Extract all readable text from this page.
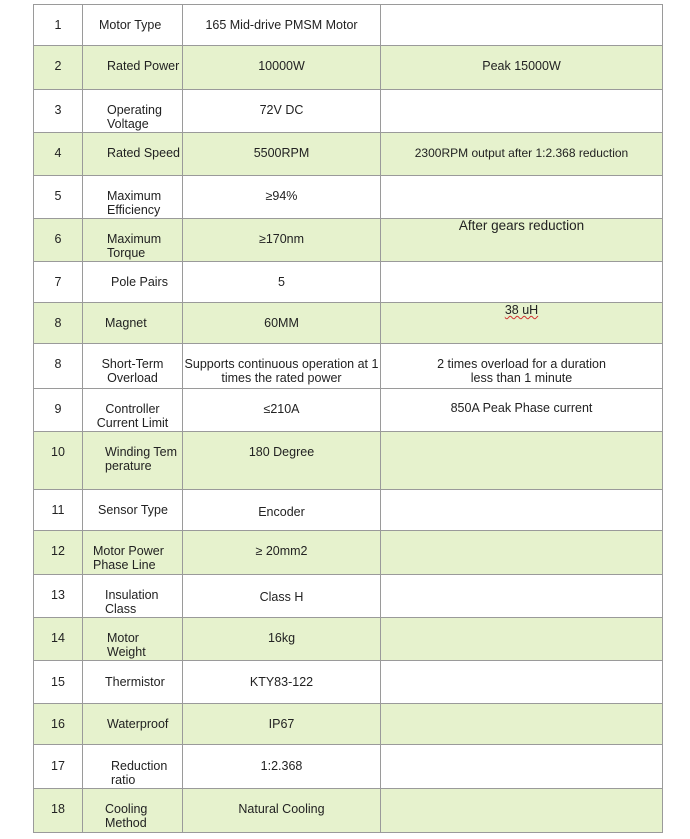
1	Motor Type	165 Mid-drive PMSM Motor	

2	Rated Power	10000W	Peak 15000W

3	Operating Voltage	72V DC	

4	Rated Speed	5500RPM	2300RPM output after 1:2.368 reduction

5	Maximum Efficiency	≥94%	

6	Maximum Torque	≥170nm	After gears reduction

7	Pole Pairs	5	

8	Magnet	60MM	38 uH

8	Short-Term Overload	Supports continuous operation at 1 times the rated power	2 times overload for a duration less than 1 minute

9	Controller Current Limit	≤210A	850A Peak Phase current

10	Winding Temperature	180 Degree	

11	Sensor Type	Encoder	

12	Motor Power Phase Line	≥ 20mm2	

13	Insulation Class	Class H	

14	Motor Weight	16kg	

15	Thermistor	KTY83-122	

16	Waterproof	IP67	

17	Reduction ratio	1:2.368	

18	Cooling Method	Natural Cooling	
